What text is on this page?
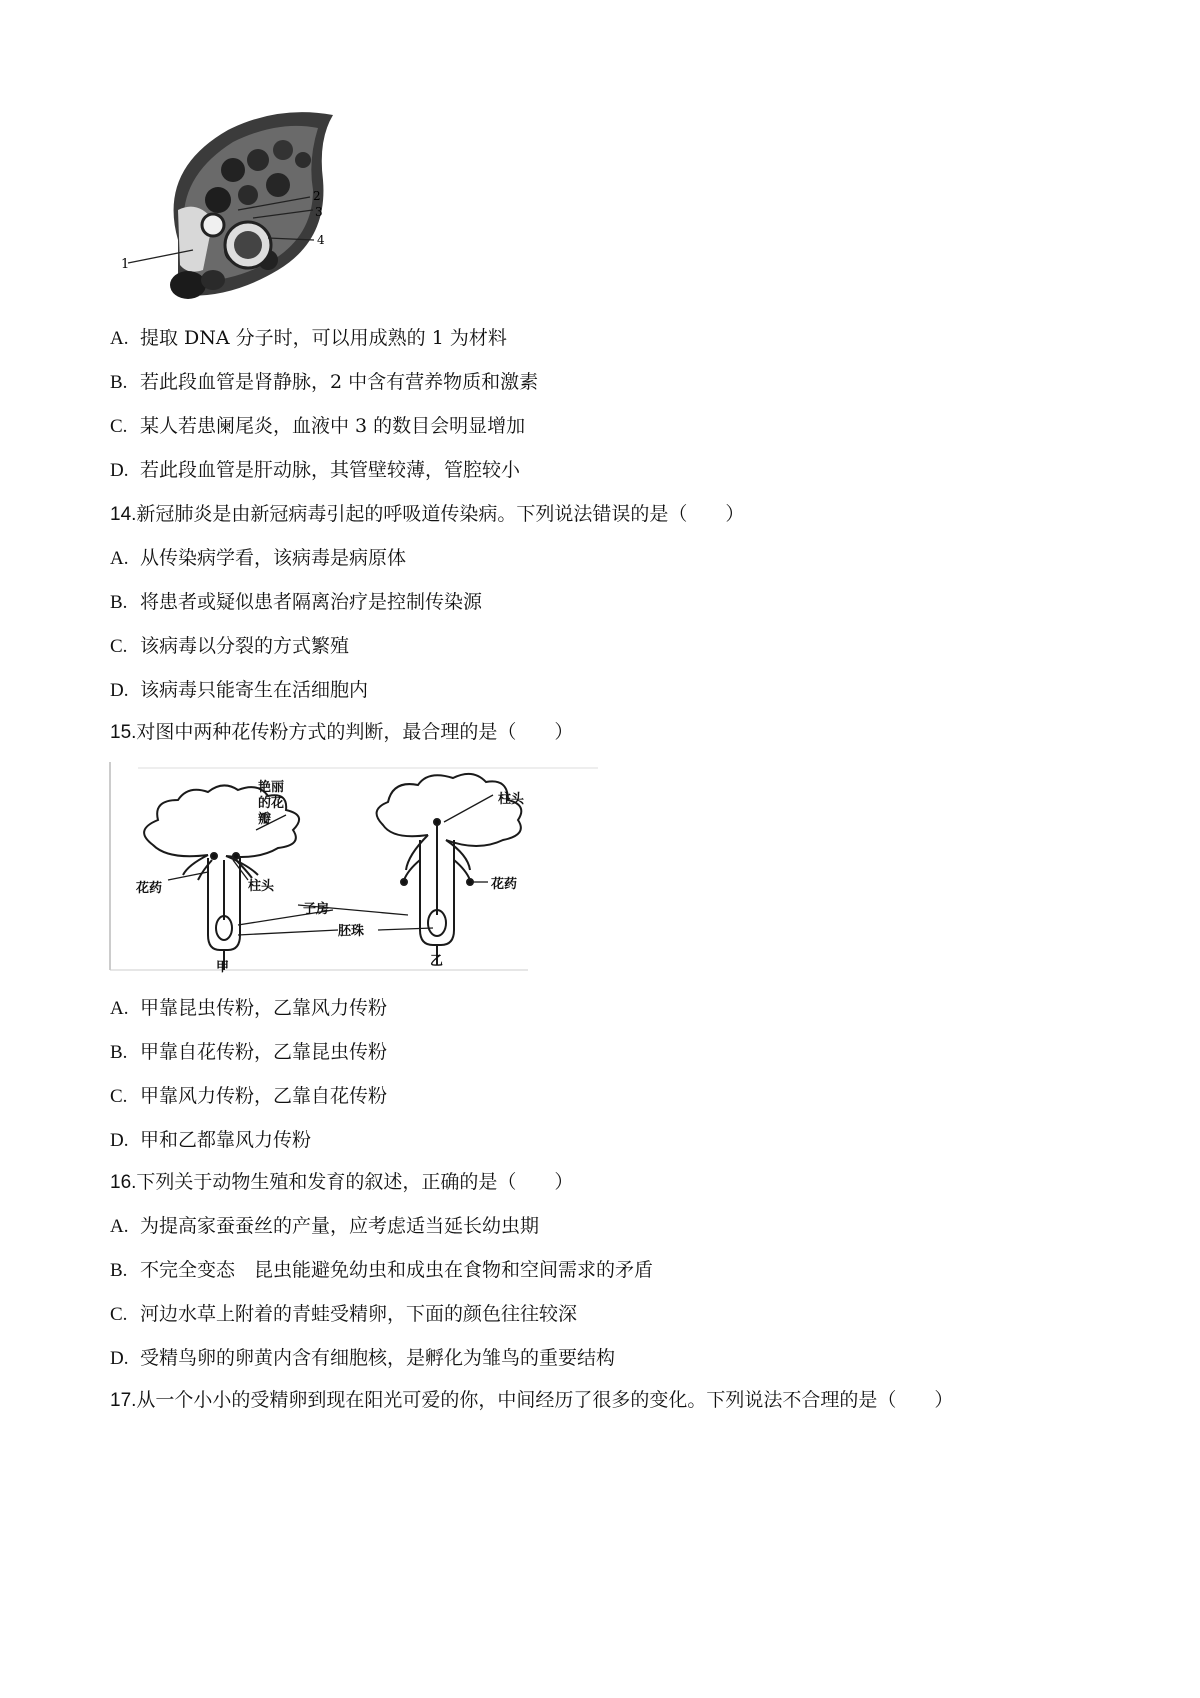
1
2
3
4
A. 提取 DNA 分子时，可以用成熟的 1 为材料
B. 若此段血管是肾静脉，2 中含有营养物质和激素
C. 某人若患阑尾炎，血液中 3 的数目会明显增加
D. 若此段血管是肝动脉，其管壁较薄，管腔较小
14.新冠肺炎是由新冠病毒引起的呼吸道传染病。下列说法错误的是（　　）
A. 从传染病学看，该病毒是病原体
B. 将患者或疑似患者隔离治疗是控制传染源
C. 该病毒以分裂的方式繁殖
D. 该病毒只能寄生在活细胞内
15.对图中两种花传粉方式的判断，最合理的是（　　）
艳丽的花瓣
柱头
柱头
子房
胚珠
花药	花药
甲	乙
A. 甲靠昆虫传粉，乙靠风力传粉
B. 甲靠自花传粉，乙靠昆虫传粉
C. 甲靠风力传粉，乙靠自花传粉
D. 甲和乙都靠风力传粉
16.下列关于动物生殖和发育的叙述，正确的是（　　）
A. 为提高家蚕蚕丝的产量，应考虑适当延长幼虫期
B. 不完全变态　昆虫能避免幼虫和成虫在食物和空间需求的矛盾
C. 河边水草上附着的青蛙受精卵，下面的颜色往往较深
D. 受精鸟卵的卵黄内含有细胞核，是孵化为雏鸟的重要结构
17.从一个小小的受精卵到现在阳光可爱的你，中间经历了很多的变化。下列说法不合理的是（　　）
